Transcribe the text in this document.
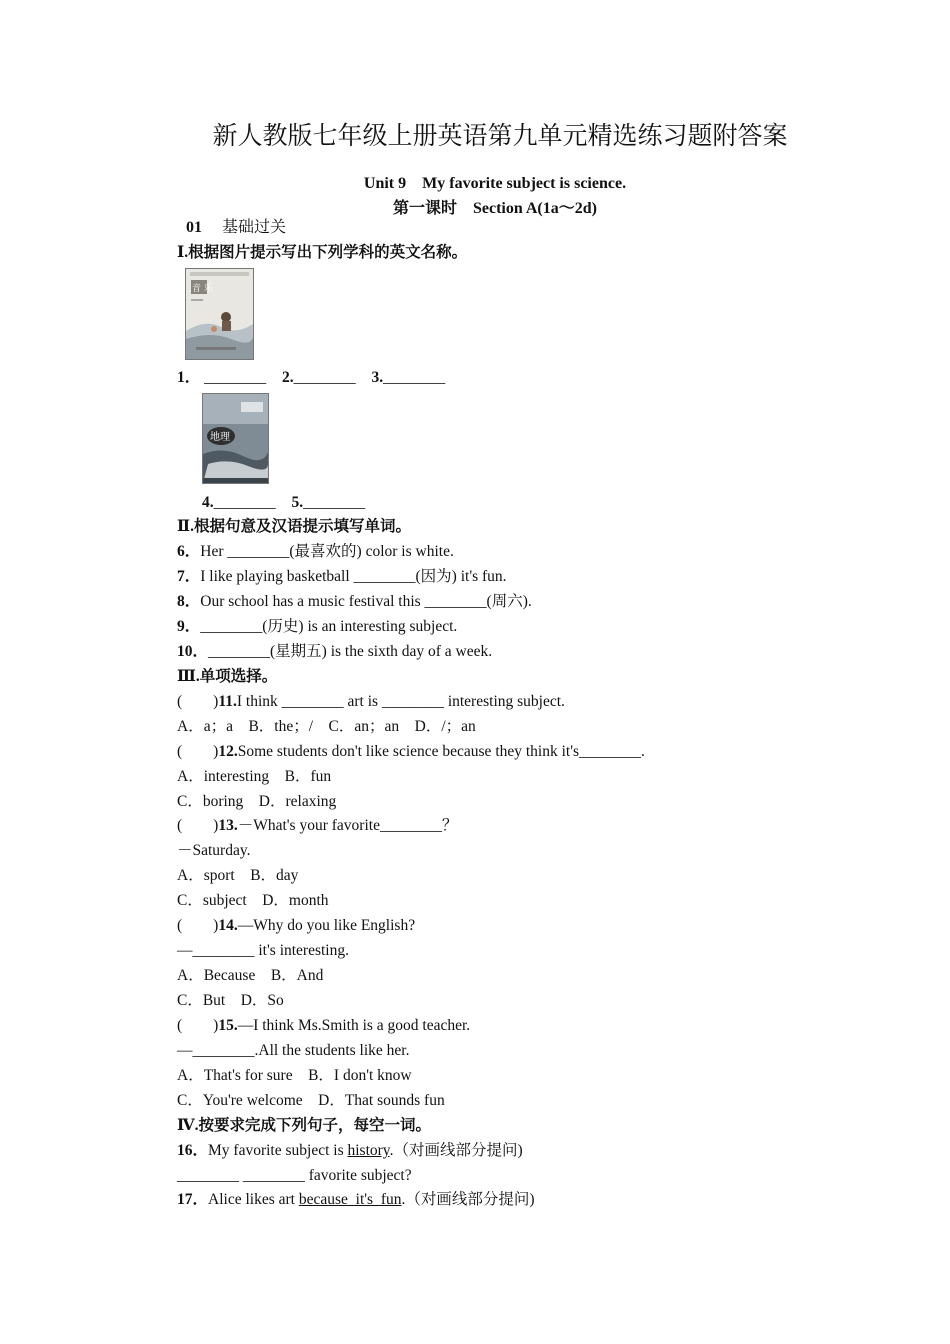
新人教版七年级上册英语第九单元精选练习题附答案
Unit 9　My favorite subject is science.
第一课时　Section A(1a～2d)
01　 基础过关
Ⅰ.根据图片提示写出下列学科的英文名称。
音 乐
1． ________ 2.________ 3.________
地理
4.________ 5.________
Ⅱ.根据句意及汉语提示填写单词。
6．Her ________(最喜欢的) color is white.
7．I like playing basketball ________(因为) it's fun.
8．Our school has a music festival this ________(周六).
9．________(历史) is an interesting subject.
10．________(星期五) is the sixth day of a week.
Ⅲ.单项选择。
(　　)11.I think ________ art is ________ interesting subject.
A．a；a　B．the；/　C．an；an　D．/；an
(　　)12.Some students don't like science because they think it's________.
A．interesting　B．fun
C．boring　D．relaxing
(　　)13.－What's your favorite________？
－Saturday.
A．sport　B．day
C．subject　D．month
(　　)14.—Why do you like English?
—________ it's interesting.
A．Because　B．And
C．But　D．So
(　　)15.—I think Ms.Smith is a good teacher.
—________.All the students like her.
A．That's for sure　B．I don't know
C．You're welcome　D．That sounds fun
Ⅳ.按要求完成下列句子，每空一词。
16．My favorite subject is history.（对画线部分提问)
________ ________ favorite subject?
17．Alice likes art because  it's  fun.（对画线部分提问)
